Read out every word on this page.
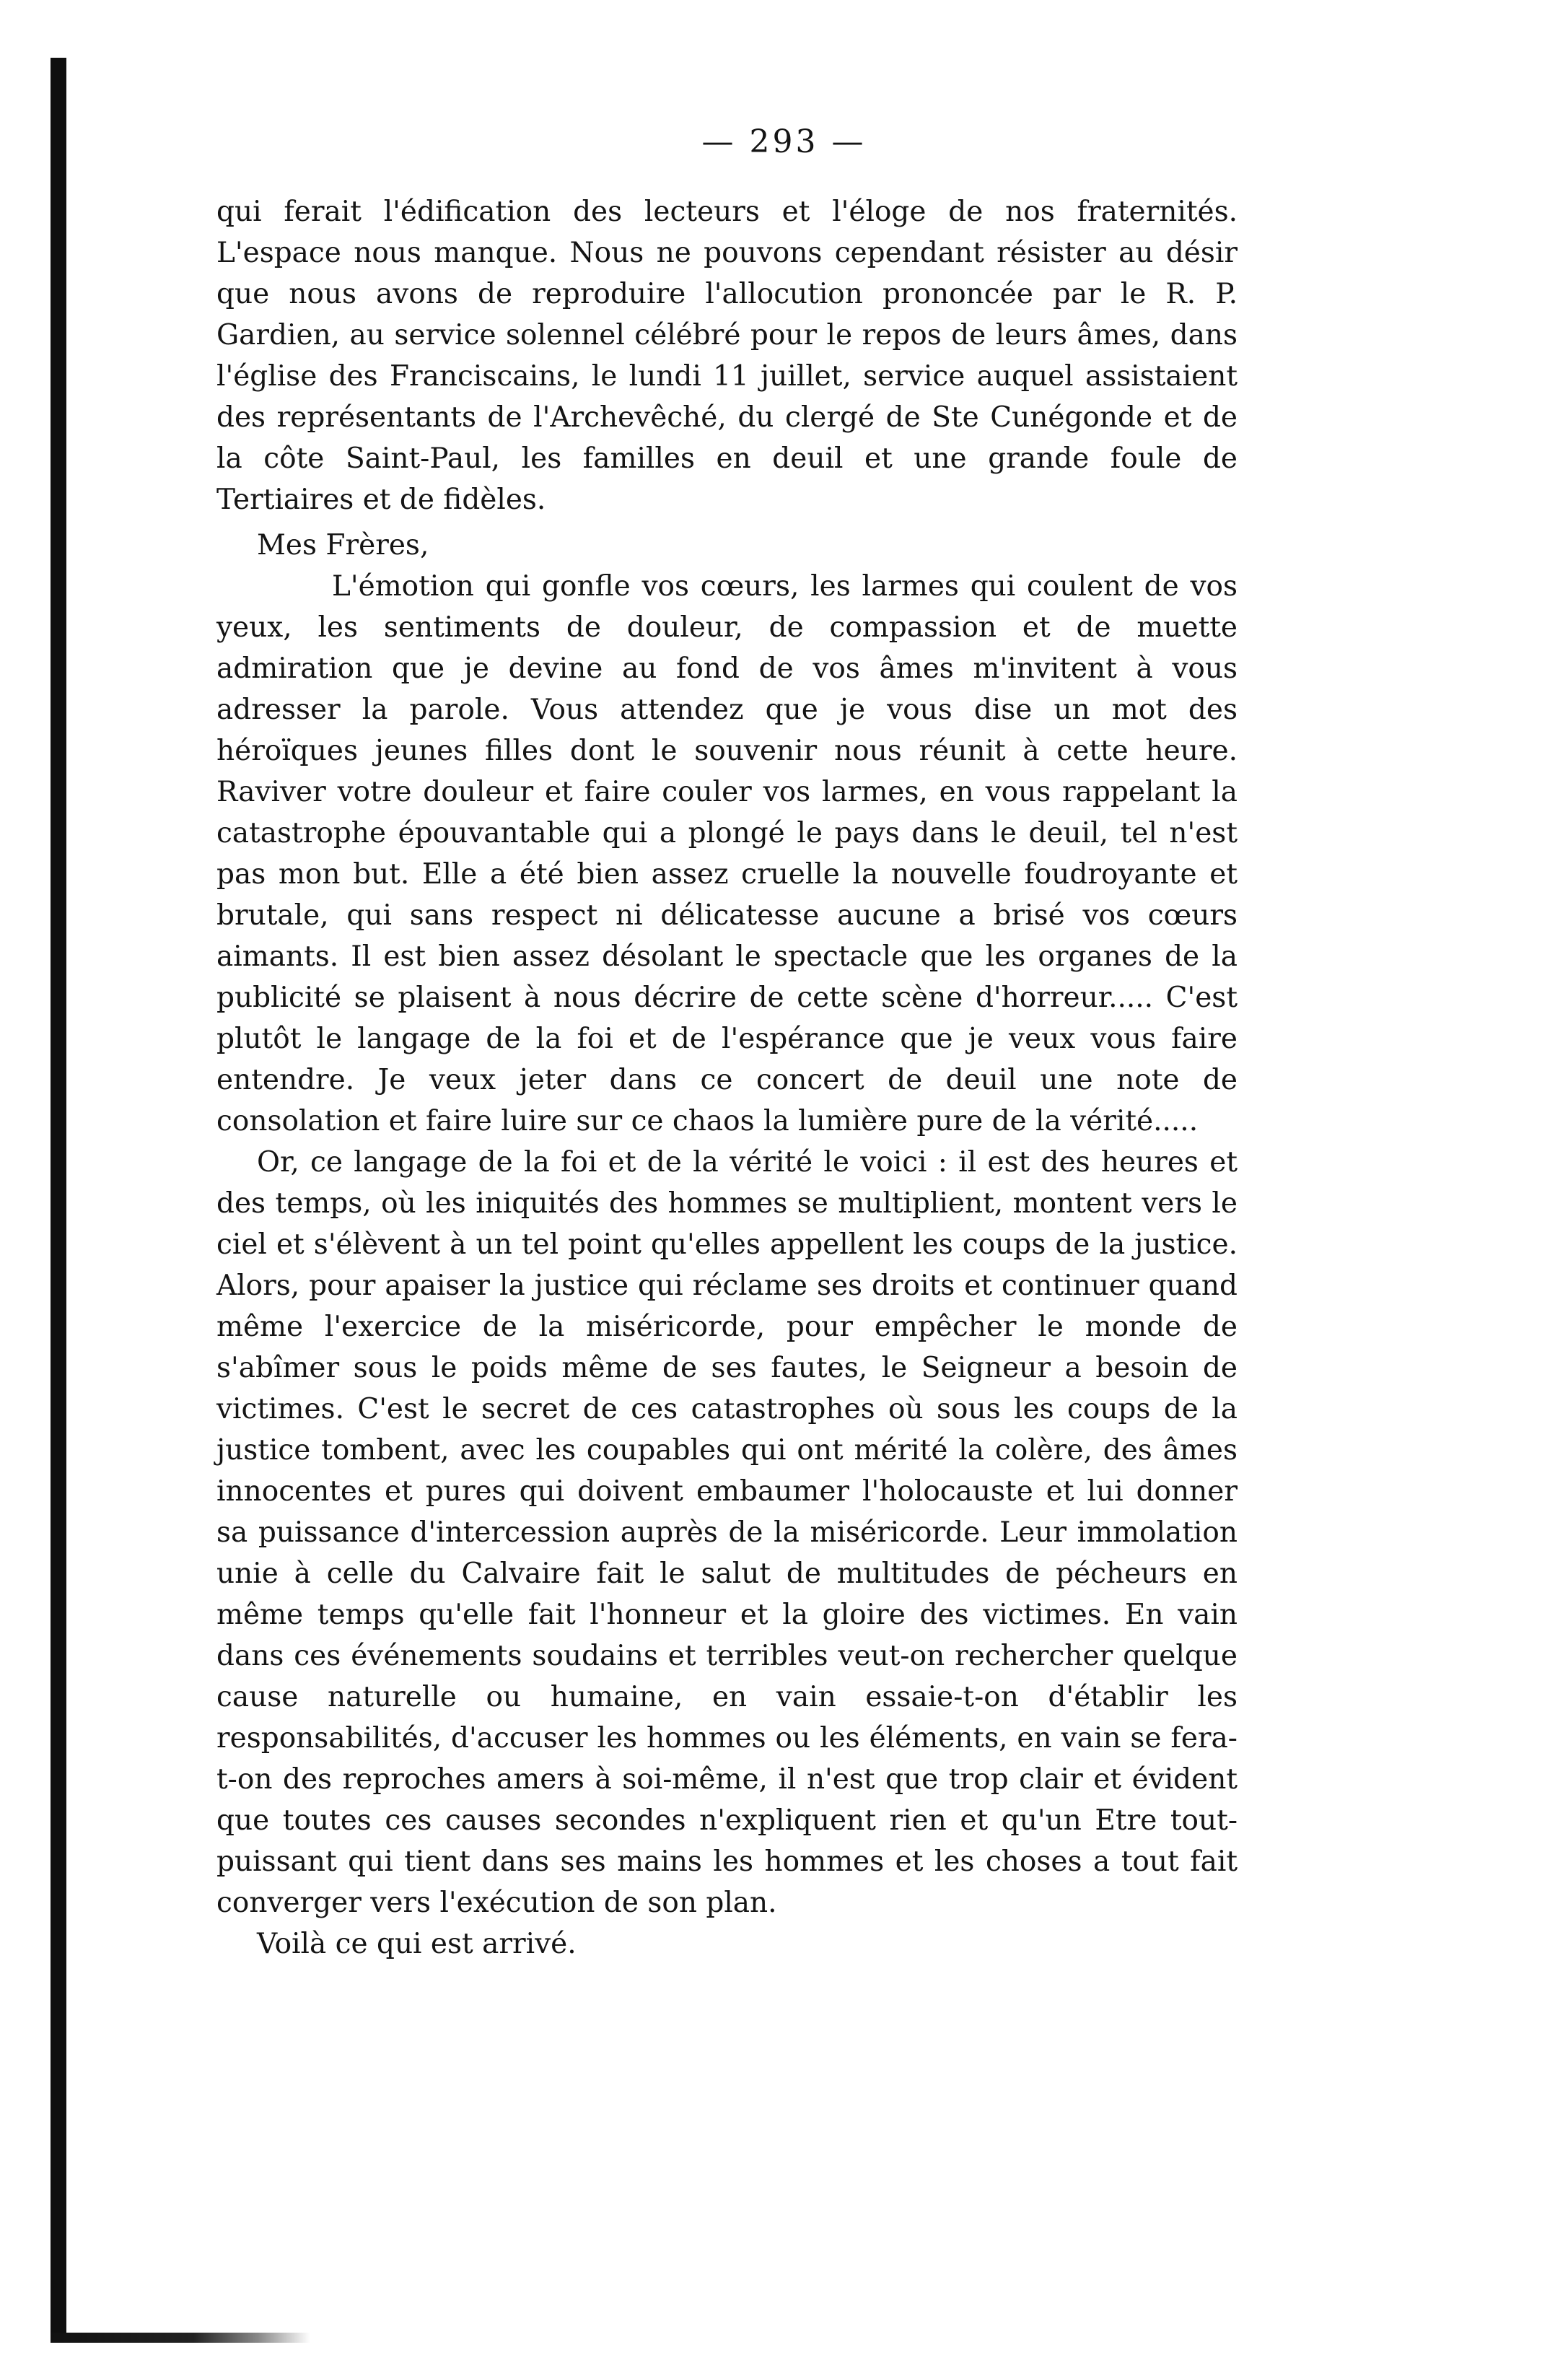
— 293 —

qui ferait l'édification des lecteurs et l'éloge de nos fraternités. L'espace nous manque. Nous ne pouvons cependant résister au désir que nous avons de reproduire l'allocution prononcée par le R. P. Gardien, au service solennel célébré pour le repos de leurs âmes, dans l'église des Franciscains, le lundi 11 juillet, service auquel assistaient des représentants de l'Archevêché, du clergé de Ste Cunégonde et de la côte Saint-Paul, les familles en deuil et une grande foule de Tertiaires et de fidèles.

Mes Frères,

L'émotion qui gonfle vos cœurs, les larmes qui coulent de vos yeux, les sentiments de douleur, de compassion et de muette admiration que je devine au fond de vos âmes m'invitent à vous adresser la parole. Vous attendez que je vous dise un mot des héroïques jeunes filles dont le souvenir nous réunit à cette heure. Raviver votre douleur et faire couler vos larmes, en vous rappelant la catastrophe épouvantable qui a plongé le pays dans le deuil, tel n'est pas mon but. Elle a été bien assez cruelle la nouvelle foudroyante et brutale, qui sans respect ni délicatesse aucune a brisé vos cœurs aimants. Il est bien assez désolant le spectacle que les organes de la publicité se plaisent à nous décrire de cette scène d'horreur..... C'est plutôt le langage de la foi et de l'espérance que je veux vous faire entendre. Je veux jeter dans ce concert de deuil une note de consolation et faire luire sur ce chaos la lumière pure de la vérité.....

Or, ce langage de la foi et de la vérité le voici : il est des heures et des temps, où les iniquités des hommes se multiplient, montent vers le ciel et s'élèvent à un tel point qu'elles appellent les coups de la justice. Alors, pour apaiser la justice qui réclame ses droits et continuer quand même l'exercice de la miséricorde, pour empêcher le monde de s'abîmer sous le poids même de ses fautes, le Seigneur a besoin de victimes. C'est le secret de ces catastrophes où sous les coups de la justice tombent, avec les coupables qui ont mérité la colère, des âmes innocentes et pures qui doivent embaumer l'holocauste et lui donner sa puissance d'intercession auprès de la miséricorde. Leur immolation unie à celle du Calvaire fait le salut de multitudes de pécheurs en même temps qu'elle fait l'honneur et la gloire des victimes. En vain dans ces événements soudains et terribles veut-on rechercher quelque cause naturelle ou humaine, en vain essaie-t-on d'établir les responsabilités, d'accuser les hommes ou les éléments, en vain se fera-t-on des reproches amers à soi-même, il n'est que trop clair et évident que toutes ces causes secondes n'expliquent rien et qu'un Etre tout-puissant qui tient dans ses mains les hommes et les choses a tout fait converger vers l'exécution de son plan.

Voilà ce qui est arrivé.
